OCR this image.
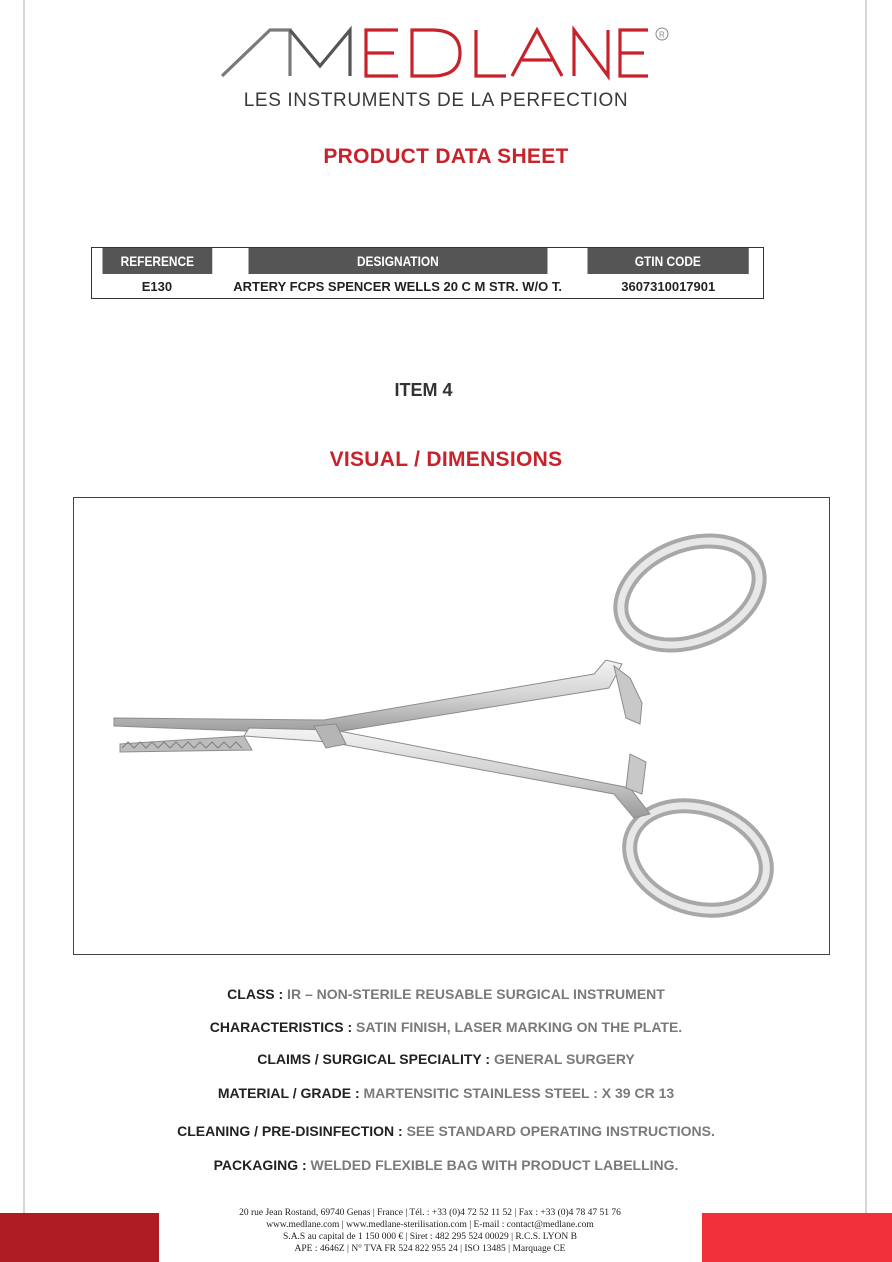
R
LES INSTRUMENTS DE LA PERFECTION
PRODUCT DATA SHEET
REFERENCE	DESIGNATION	GTIN CODE
E130	ARTERY FCPS SPENCER WELLS 20 C M STR. W/O T.	3607310017901
ITEM 4
VISUAL / DIMENSIONS
CLASS : IR – NON-STERILE REUSABLE SURGICAL INSTRUMENT
CHARACTERISTICS : SATIN FINISH, LASER MARKING ON THE PLATE.
CLAIMS / SURGICAL SPECIALITY : GENERAL SURGERY
MATERIAL / GRADE : MARTENSITIC STAINLESS STEEL : X 39 CR 13
CLEANING / PRE-DISINFECTION : SEE STANDARD OPERATING INSTRUCTIONS.
PACKAGING : WELDED FLEXIBLE BAG WITH PRODUCT LABELLING.
20 rue Jean Rostand, 69740 Genas | France | Tél. : +33 (0)4 72 52 11 52 | Fax : +33 (0)4 78 47 51 76
www.medlane.com | www.medlane-sterilisation.com | E-mail : contact@medlane.com
S.A.S au capital de 1 150 000 € | Siret : 482 295 524 00029 | R.C.S. LYON B
APE : 4646Z | N° TVA FR 524 822 955 24 | ISO 13485 | Marquage CE
